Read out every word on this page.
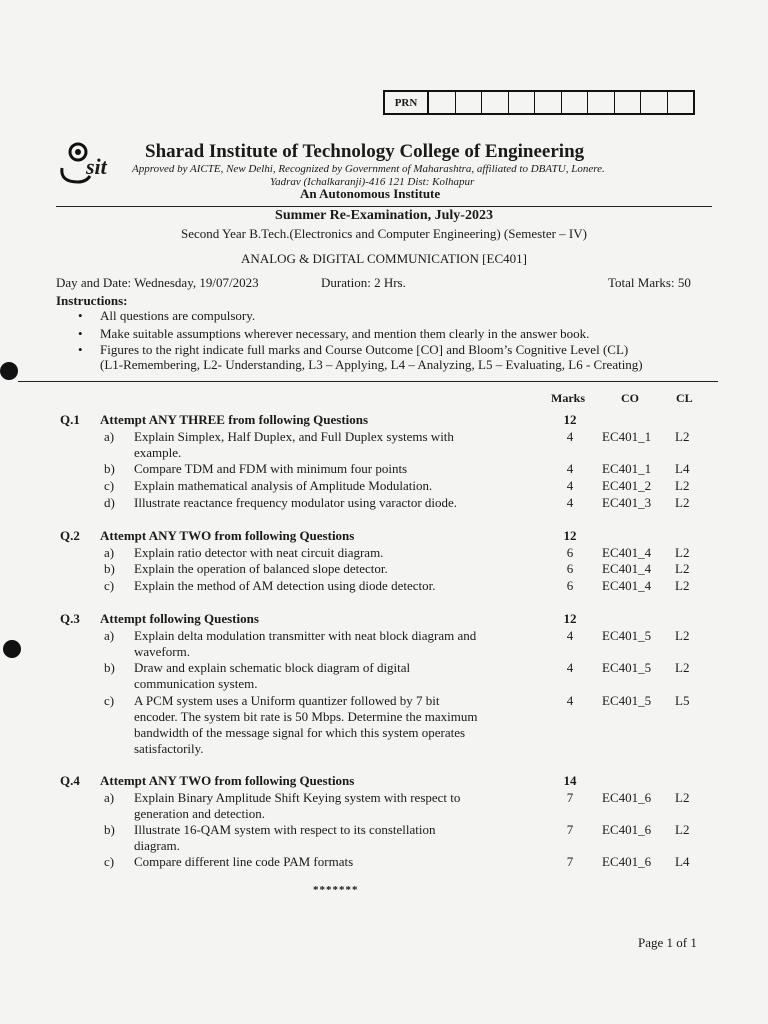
PRN
sit
Sharad Institute of Technology College of Engineering
Approved by AICTE, New Delhi, Recognized by Government of Maharashtra, affiliated to DBATU, Lonere.
Yadrav (Ichalkaranji)-416 121 Dist: Kolhapur
An Autonomous Institute
Summer Re-Examination, July-2023
Second Year B.Tech.(Electronics and Computer Engineering) (Semester – IV)
ANALOG & DIGITAL COMMUNICATION [EC401]
Day and Date: Wednesday, 19/07/2023	Duration: 2 Hrs.	Total Marks: 50
Instructions:
• All questions are compulsory.
• Make suitable assumptions wherever necessary, and mention them clearly in the answer book.
• Figures to the right indicate full marks and Course Outcome [CO] and Bloom’s Cognitive Level (CL)
(L1-Remembering, L2- Understanding, L3 – Applying, L4 – Analyzing, L5 – Evaluating, L6 - Creating)
Marks	CO	CL
Q.1 Attempt ANY THREE from following Questions	12
a) Explain Simplex, Half Duplex, and Full Duplex systems with
example.
4	EC401_1 L2
b) Compare TDM and FDM with minimum four points	4	EC401_1 L4
c) Explain mathematical analysis of Amplitude Modulation.	4	EC401_2 L2
d) Illustrate reactance frequency modulator using varactor diode.	4	EC401_3 L2
Q.2 Attempt ANY TWO from following Questions	12
a) Explain ratio detector with neat circuit diagram.	6	EC401_4 L2
b) Explain the operation of balanced slope detector.	6	EC401_4 L2
c) Explain the method of AM detection using diode detector.	6	EC401_4 L2
Q.3 Attempt following Questions	12
a) Explain delta modulation transmitter with neat block diagram and
waveform.
4	EC401_5 L2
b) Draw and explain schematic block diagram of digital
communication system.
4	EC401_5 L2
c) A PCM system uses a Uniform quantizer followed by 7 bit
encoder. The system bit rate is 50 Mbps. Determine the maximum
bandwidth of the message signal for which this system operates
satisfactorily.
4	EC401_5 L5
Q.4 Attempt ANY TWO from following Questions	14
a) Explain Binary Amplitude Shift Keying system with respect to
generation and detection.
7	EC401_6 L2
b) Illustrate 16-QAM system with respect to its constellation
diagram.
7	EC401_6 L2
c) Compare different line code PAM formats	7	EC401_6 L4
*******
Page 1 of 1
